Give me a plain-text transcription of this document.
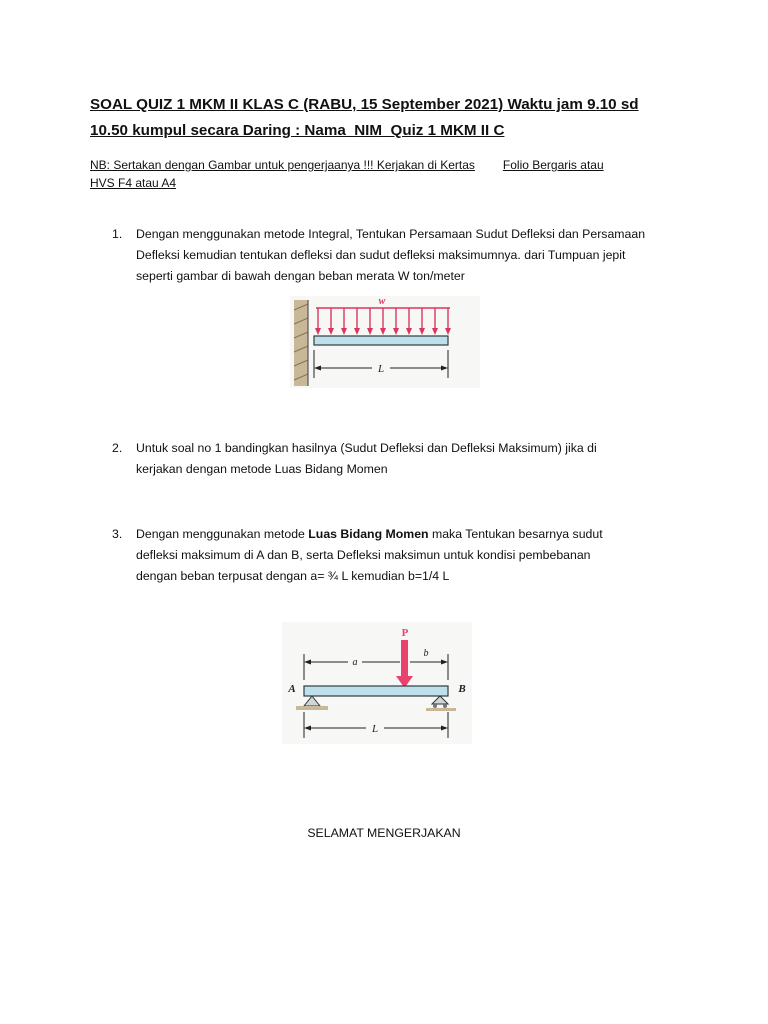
SOAL QUIZ 1 MKM II KLAS C (RABU, 15 September 2021) Waktu jam 9.10 sd
10.50 kumpul secara Daring : Nama_NIM_Quiz 1 MKM II C
NB: Sertakan dengan Gambar untuk pengerjaanya !!! Kerjakan di Kertas Folio Bergaris atau
HVS F4 atau A4
1. Dengan menggunakan metode Integral, Tentukan Persamaan Sudut Defleksi dan Persamaan
Defleksi kemudian tentukan defleksi dan sudut defleksi maksimumnya. dari Tumpuan jepit
seperti gambar di bawah dengan beban merata W ton/meter
2. Untuk soal no 1 bandingkan hasilnya (Sudut Defleksi dan Defleksi Maksimum) jika di
kerjakan dengan metode Luas Bidang Momen
3. Dengan menggunakan metode Luas Bidang Momen maka Tentukan besarnya sudut
defleksi maksimum di A dan B, serta Defleksi maksimun untuk kondisi pembebanan
dengan beban terpusat dengan a= ¾ L kemudian b=1/4 L
w
L
P
a
b
A	B
L
SELAMAT MENGERJAKAN
